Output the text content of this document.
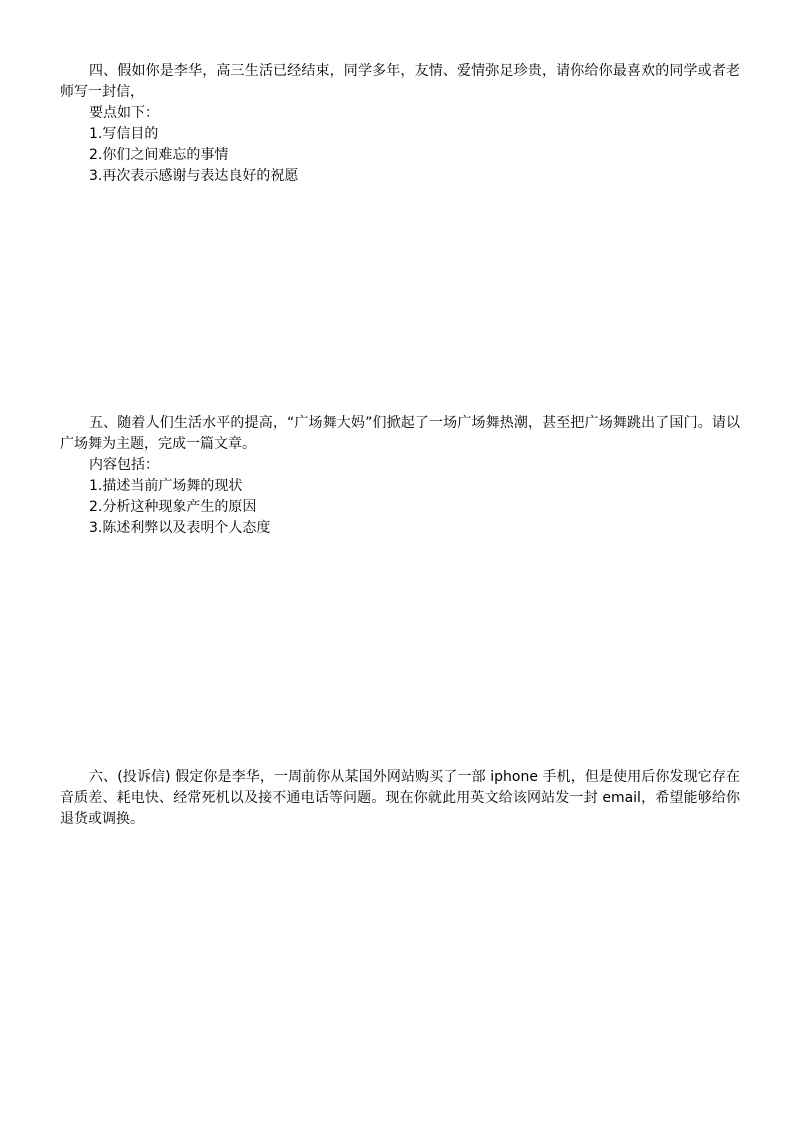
四、假如你是李华，高三生活已经结束，同学多年，友情、爱情弥足珍贵，请你给你最喜欢的同学或者老师写一封信，

要点如下：

1.写信目的
2.你们之间难忘的事情
3.再次表示感谢与表达良好的祝愿

五、随着人们生活水平的提高，“广场舞大妈”们掀起了一场广场舞热潮，甚至把广场舞跳出了国门。请以广场舞为主题，完成一篇文章。

内容包括：

1.描述当前广场舞的现状
2.分析这种现象产生的原因
3.陈述利弊以及表明个人态度

六、(投诉信) 假定你是李华，一周前你从某国外网站购买了一部 iphone 手机，但是使用后你发现它存在音质差、耗电快、经常死机以及接不通电话等问题。现在你就此用英文给该网站发一封 email，希望能够给你退货或调换。
